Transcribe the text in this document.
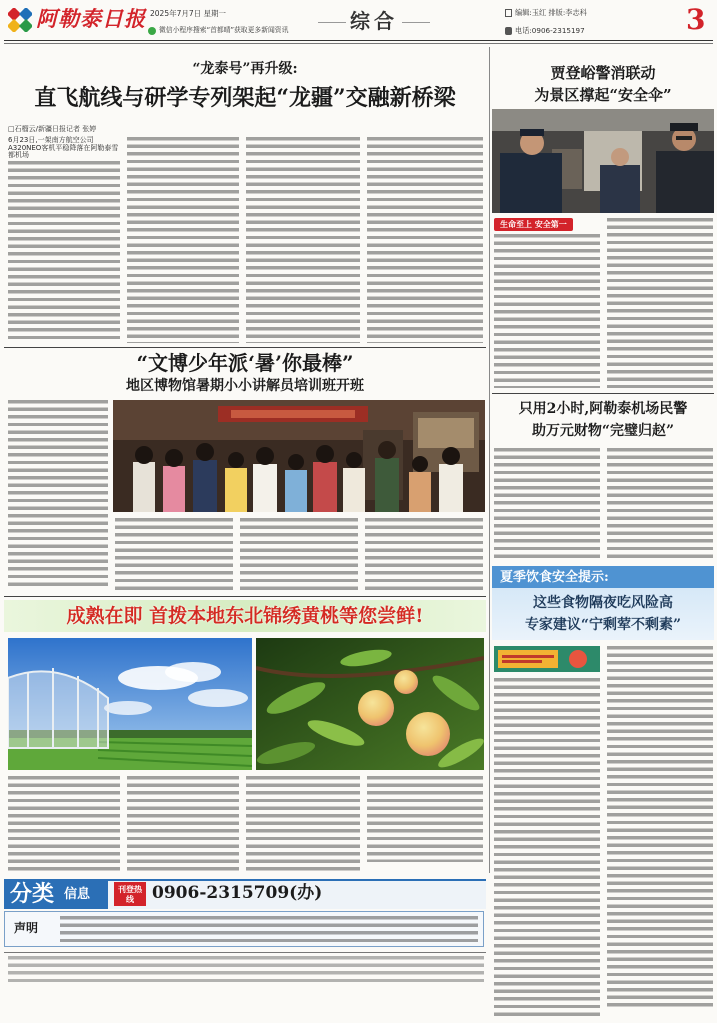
阿勒泰日报 2025年7月7日 星期一
微信小程序搜索“首都晴”获取更多新闻资讯	综合	编辑:玉红 排版:李志科
电话:0906-2315197	3
“龙泰号”再升级:
直飞航线与研学专列架起“龙疆”交融新桥梁
□石榴云/新疆日报记者 张婷
6月23日,一架南方航空公司A320NEO客机平稳降落在阿勒泰雪都机场
“文博少年派‘暑’你最棒”
地区博物馆暑期小小讲解员培训班开班
成熟在即 首拨本地东北锦绣黄桃等您尝鲜!
分类 信息	刊登热线	0906-2315709(办)
声明
贾登峪警消联动
为景区撑起“安全伞”
生命至上 安全第一
只用2小时,阿勒泰机场民警
助万元财物“完璧归赵”
夏季饮食安全提示:
这些食物隔夜吃风险高
专家建议“宁剩荤不剩素”
